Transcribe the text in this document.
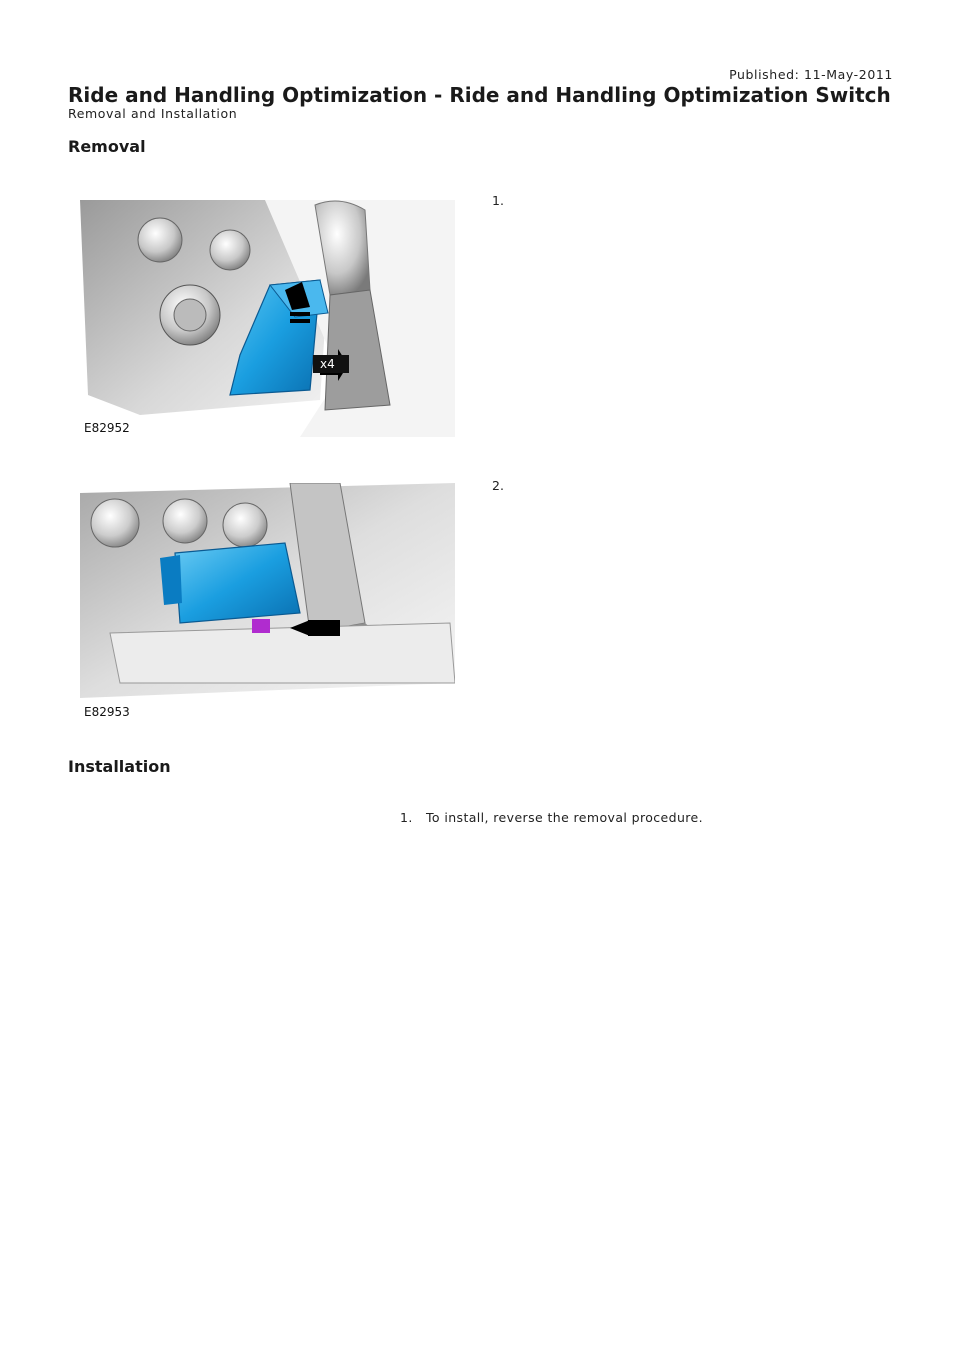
Published: 11-May-2011
Ride and Handling Optimization - Ride and Handling Optimization Switch
Removal and Installation
Removal
x4
E82952
1.
E82953
2.
Installation
1. To install, reverse the removal procedure.
